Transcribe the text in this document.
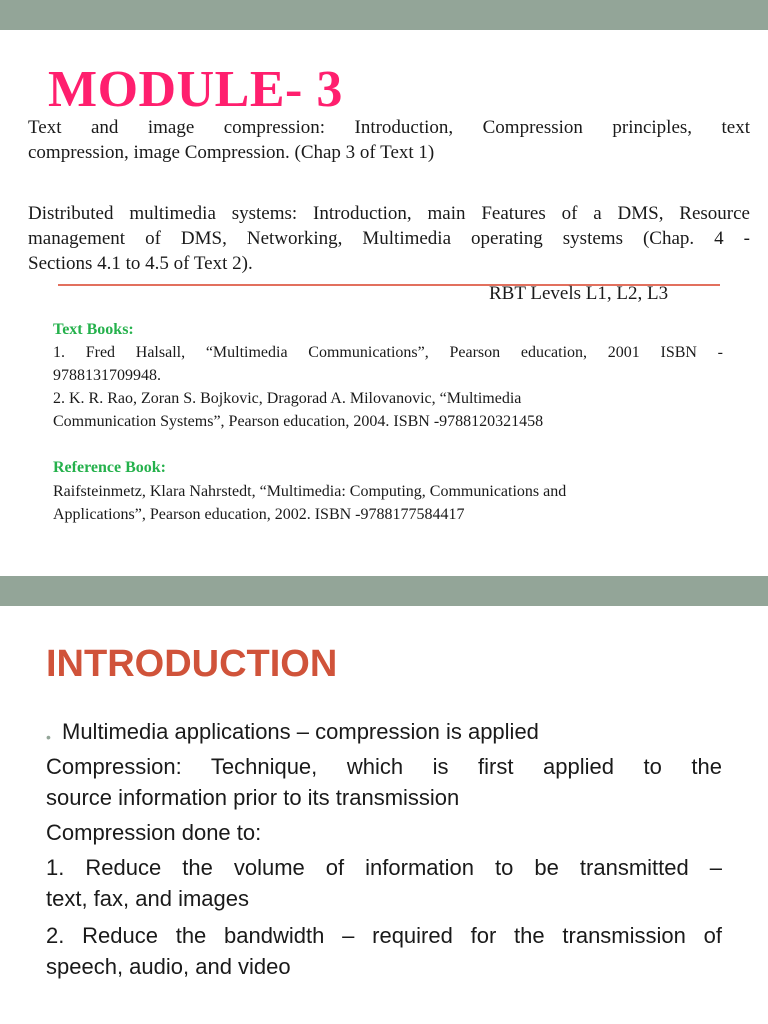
MODULE- 3

Text and image compression: Introduction, Compression principles, text

compression, image Compression. (Chap 3 of Text 1)

Distributed multimedia systems: Introduction, main Features of a DMS, Resource

management of DMS, Networking, Multimedia operating systems (Chap. 4 -

Sections 4.1 to 4.5 of Text 2).

RBT Levels L1, L2, L3

Text Books:

1. Fred Halsall, “Multimedia Communications”, Pearson education, 2001 ISBN -

9788131709948.

2. K. R. Rao, Zoran S. Bojkovic, Dragorad A. Milovanovic, “Multimedia

Communication Systems”, Pearson education, 2004. ISBN -9788120321458

Reference Book:

Raifsteinmetz, Klara Nahrstedt, “Multimedia: Computing, Communications and

Applications”, Pearson education, 2002. ISBN -9788177584417

INTRODUCTION
• Multimedia applications – compression is applied

Compression: Technique, which is first applied to the

source information prior to its transmission

Compression done to:

1. Reduce the volume of information to be transmitted –

text, fax, and images

2. Reduce the bandwidth – required for the transmission of

speech, audio, and video
